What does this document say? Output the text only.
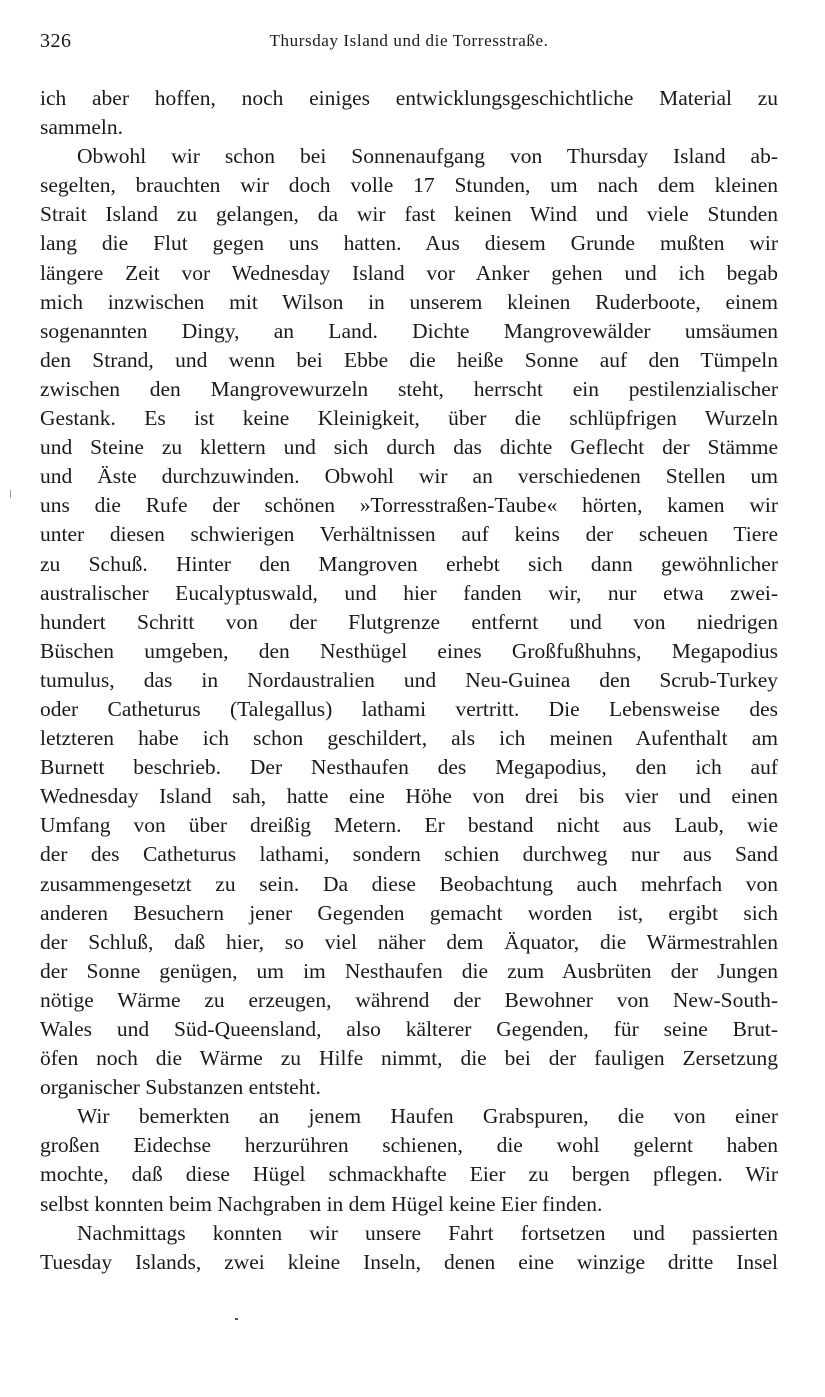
326	Thursday Island und die Torresstraße.
ich aber hoffen, noch einiges entwicklungsgeschichtliche Material zu
sammeln.
Obwohl wir schon bei Sonnenaufgang von Thursday Island ab-
segelten, brauchten wir doch volle 17 Stunden, um nach dem kleinen
Strait Island zu gelangen, da wir fast keinen Wind und viele Stunden
lang die Flut gegen uns hatten. Aus diesem Grunde mußten wir
längere Zeit vor Wednesday Island vor Anker gehen und ich begab
mich inzwischen mit Wilson in unserem kleinen Ruderboote, einem
sogenannten Dingy, an Land. Dichte Mangrovewälder umsäumen
den Strand, und wenn bei Ebbe die heiße Sonne auf den Tümpeln
zwischen den Mangrovewurzeln steht, herrscht ein pestilenzialischer
Gestank. Es ist keine Kleinigkeit, über die schlüpfrigen Wurzeln
und Steine zu klettern und sich durch das dichte Geflecht der Stämme
und Äste durchzuwinden. Obwohl wir an verschiedenen Stellen um
uns die Rufe der schönen »Torresstraßen-Taube« hörten, kamen wir
unter diesen schwierigen Verhältnissen auf keins der scheuen Tiere
zu Schuß. Hinter den Mangroven erhebt sich dann gewöhnlicher
australischer Eucalyptuswald, und hier fanden wir, nur etwa zwei-
hundert Schritt von der Flutgrenze entfernt und von niedrigen
Büschen umgeben, den Nesthügel eines Großfußhuhns, Megapodius
tumulus, das in Nordaustralien und Neu-Guinea den Scrub-Turkey
oder Catheturus (Talegallus) lathami vertritt. Die Lebensweise des
letzteren habe ich schon geschildert, als ich meinen Aufenthalt am
Burnett beschrieb. Der Nesthaufen des Megapodius, den ich auf
Wednesday Island sah, hatte eine Höhe von drei bis vier und einen
Umfang von über dreißig Metern. Er bestand nicht aus Laub, wie
der des Catheturus lathami, sondern schien durchweg nur aus Sand
zusammengesetzt zu sein. Da diese Beobachtung auch mehrfach von
anderen Besuchern jener Gegenden gemacht worden ist, ergibt sich
der Schluß, daß hier, so viel näher dem Äquator, die Wärmestrahlen
der Sonne genügen, um im Nesthaufen die zum Ausbrüten der Jungen
nötige Wärme zu erzeugen, während der Bewohner von New-South-
Wales und Süd-Queensland, also kälterer Gegenden, für seine Brut-
öfen noch die Wärme zu Hilfe nimmt, die bei der fauligen Zersetzung
organischer Substanzen entsteht.
Wir bemerkten an jenem Haufen Grabspuren, die von einer
großen Eidechse herzurühren schienen, die wohl gelernt haben
mochte, daß diese Hügel schmackhafte Eier zu bergen pflegen. Wir
selbst konnten beim Nachgraben in dem Hügel keine Eier finden.
Nachmittags konnten wir unsere Fahrt fortsetzen und passierten
Tuesday Islands, zwei kleine Inseln, denen eine winzige dritte Insel
